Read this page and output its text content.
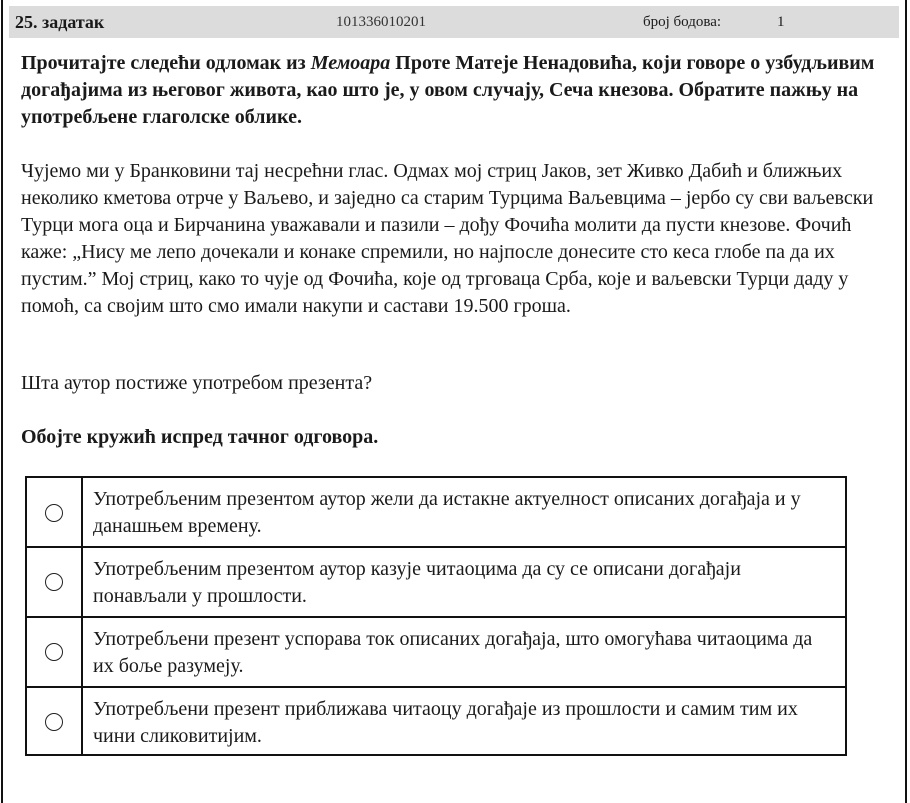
25. задатак	101336010201	број бодова:	1
Прочитајте следећи одломак из Мемоара Проте Матеје Ненадовића, који говоре о узбудљивим догађајима из његовог живота, као што је, у овом случају, Сеча кнезова. Обратите пажњу на употребљене глаголске облике.
Чујемо ми у Бранковини тај несрећни глас. Одмах мој стриц Јаков, зет Живко Дабић и ближњих неколико кметова отрче у Ваљево, и заједно са старим Турцима Ваљевцима – јербо су сви ваљевски Турци мога оца и Бирчанина уважавали и пазили – дођу Фочића молити да пусти кнезове. Фочић каже: „Нису ме лепо дочекали и конаке спремили, но најпосле донесите сто кеса глобе па да их пустим.” Мој стриц, како то чује од Фочића, које од трговаца Срба, које и ваљевски Турци даду у помоћ, са својим што смо имали накупи и састави 19.500 гроша.
Шта аутор постиже употребом презента?
Обојте кружић испред тачног одговора.
Употребљеним презентом аутор жели да истакне актуелност описаних догађаја и у данашњем времену.
Употребљеним презентом аутор казује читаоцима да су се описани догађаји понављали у прошлости.
Употребљени презент успорава ток описаних догађаја, што омогућава читаоцима да их боље разумеју.
Употребљени презент приближава читаоцу догађаје из прошлости и самим тим их чини сликовитијим.
